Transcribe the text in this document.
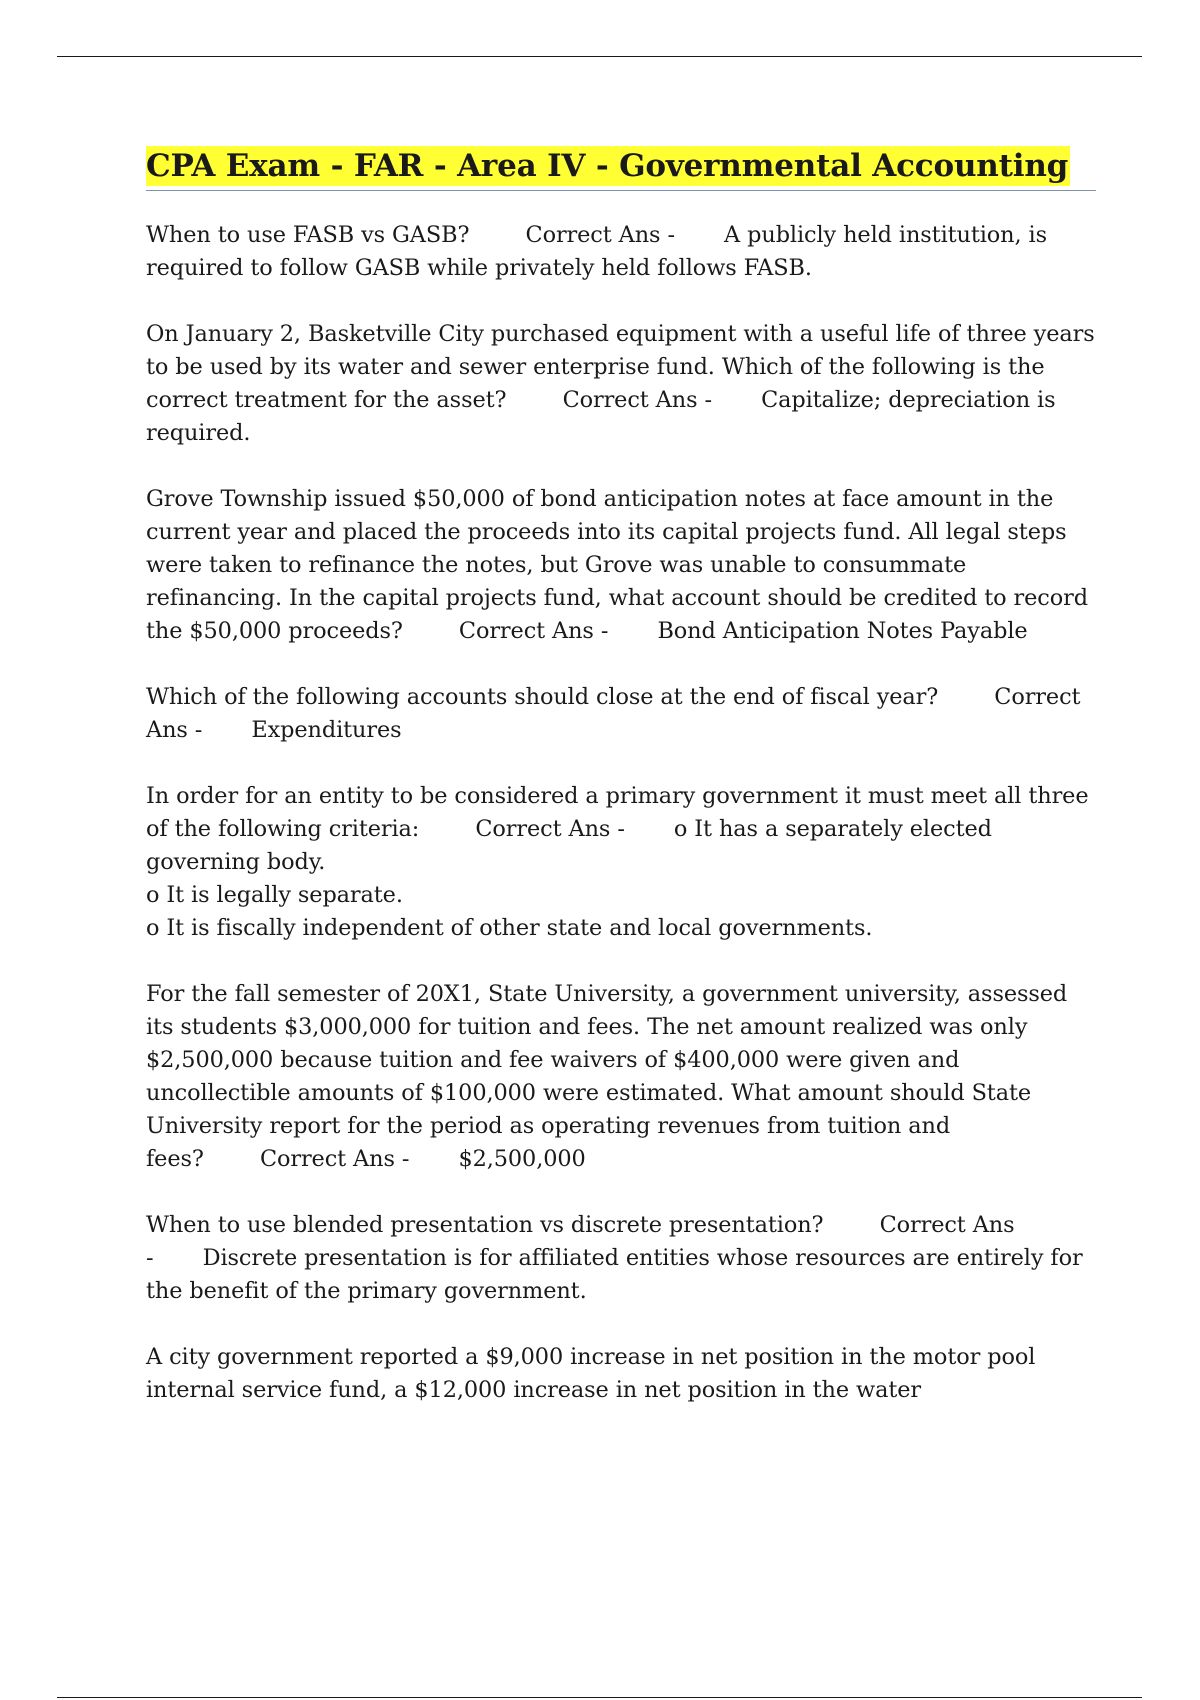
CPA Exam - FAR - Area IV - Governmental Accounting

When to use FASB vs GASB?	Correct Ans - A publicly held institution, is required to follow GASB while privately held follows FASB.

On January 2, Basketville City purchased equipment with a useful life of three years to be used by its water and sewer enterprise fund. Which of the following is the correct treatment for the asset?	Correct Ans - Capitalize; depreciation is required.

Grove Township issued $50,000 of bond anticipation notes at face amount in the current year and placed the proceeds into its capital projects fund. All legal steps were taken to refinance the notes, but Grove was unable to consummate refinancing. In the capital projects fund, what account should be credited to record the $50,000 proceeds?	Correct Ans - Bond Anticipation Notes Payable

Which of the following accounts should close at the end of fiscal year?	Correct Ans - Expenditures

In order for an entity to be considered a primary government it must meet all three of the following criteria:	Correct Ans - o It has a separately elected governing body.
o It is legally separate.
o It is fiscally independent of other state and local governments.

For the fall semester of 20X1, State University, a government university, assessed its students $3,000,000 for tuition and fees. The net amount realized was only $2,500,000 because tuition and fee waivers of $400,000 were given and uncollectible amounts of $100,000 were estimated. What amount should State University report for the period as operating revenues from tuition and fees?	Correct Ans - $2,500,000

When to use blended presentation vs discrete presentation?	Correct Ans - Discrete presentation is for affiliated entities whose resources are entirely for the benefit of the primary government.

A city government reported a $9,000 increase in net position in the motor pool internal service fund, a $12,000 increase in net position in the water
